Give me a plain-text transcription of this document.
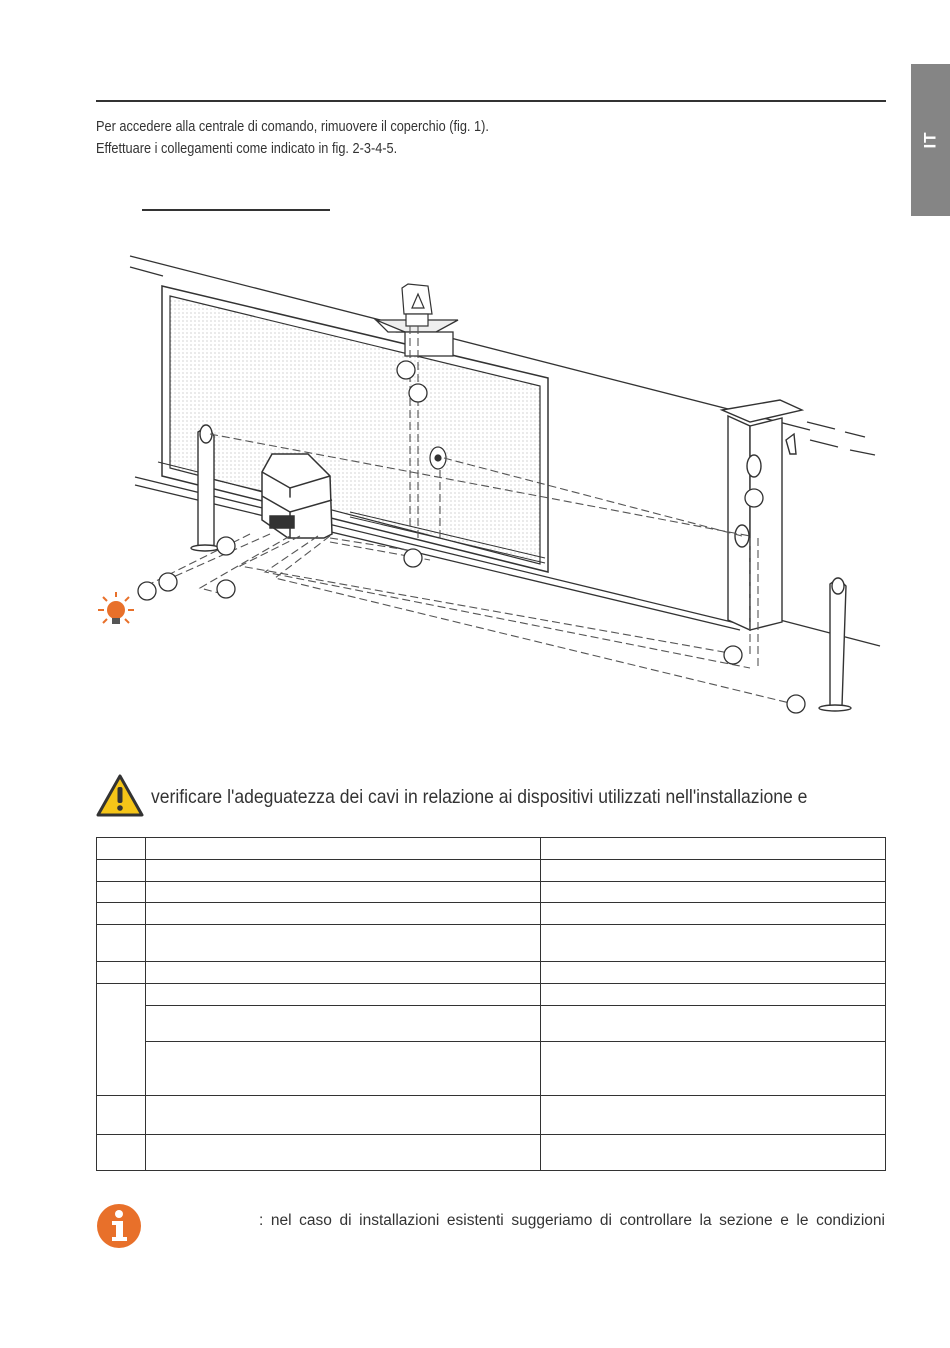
IT
Per accedere alla centrale di comando, rimuovere il coperchio (fig. 1).
Effettuare i collegamenti come indicato in fig. 2-3-4-5.
verificare l'adeguatezza dei cavi in relazione ai dispositivi utilizzati nell'installazione e

: nel caso di installazioni esistenti suggeriamo di controllare la sezione e le condizioni
